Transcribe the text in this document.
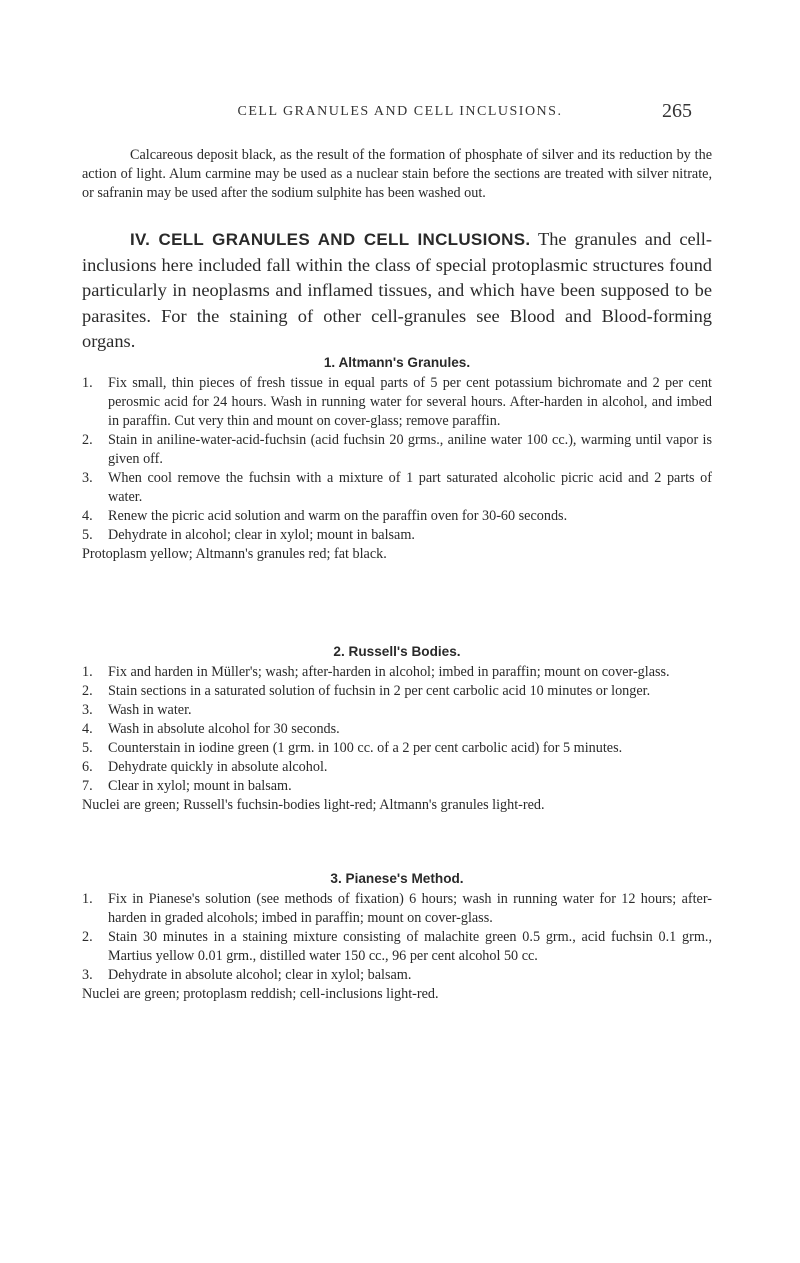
CELL GRANULES AND CELL INCLUSIONS.	265

Calcareous deposit black, as the result of the formation of phosphate of silver and its reduction by the action of light. Alum carmine may be used as a nuclear stain before the sections are treated with silver nitrate, or safranin may be used after the sodium sulphite has been washed out.

IV. CELL GRANULES AND CELL INCLUSIONS. The granules and cell-inclusions here included fall within the class of special protoplasmic structures found particularly in neoplasms and inflamed tissues, and which have been supposed to be parasites. For the staining of other cell-granules see Blood and Blood-forming organs.

1. Altmann's Granules.

1. Fix small, thin pieces of fresh tissue in equal parts of 5 per cent potassium bichromate and 2 per cent perosmic acid for 24 hours. Wash in running water for several hours. After-harden in alcohol, and imbed in paraffin. Cut very thin and mount on cover-glass; remove paraffin.
2. Stain in aniline-water-acid-fuchsin (acid fuchsin 20 grms., aniline water 100 cc.), warming until vapor is given off.
3. When cool remove the fuchsin with a mixture of 1 part saturated alcoholic picric acid and 2 parts of water.
4. Renew the picric acid solution and warm on the paraffin oven for 30-60 seconds.
5. Dehydrate in alcohol; clear in xylol; mount in balsam.

Protoplasm yellow; Altmann's granules red; fat black.

2. Russell's Bodies.

1. Fix and harden in Müller's; wash; after-harden in alcohol; imbed in paraffin; mount on cover-glass.
2. Stain sections in a saturated solution of fuchsin in 2 per cent carbolic acid 10 minutes or longer.
3. Wash in water.
4. Wash in absolute alcohol for 30 seconds.
5. Counterstain in iodine green (1 grm. in 100 cc. of a 2 per cent carbolic acid) for 5 minutes.
6. Dehydrate quickly in absolute alcohol.
7. Clear in xylol; mount in balsam.

Nuclei are green; Russell's fuchsin-bodies light-red; Altmann's granules light-red.

3. Pianese's Method.

1. Fix in Pianese's solution (see methods of fixation) 6 hours; wash in running water for 12 hours; after-harden in graded alcohols; imbed in paraffin; mount on cover-glass.
2. Stain 30 minutes in a staining mixture consisting of malachite green 0.5 grm., acid fuchsin 0.1 grm., Martius yellow 0.01 grm., distilled water 150 cc., 96 per cent alcohol 50 cc.
3. Dehydrate in absolute alcohol; clear in xylol; balsam.

Nuclei are green; protoplasm reddish; cell-inclusions light-red.
